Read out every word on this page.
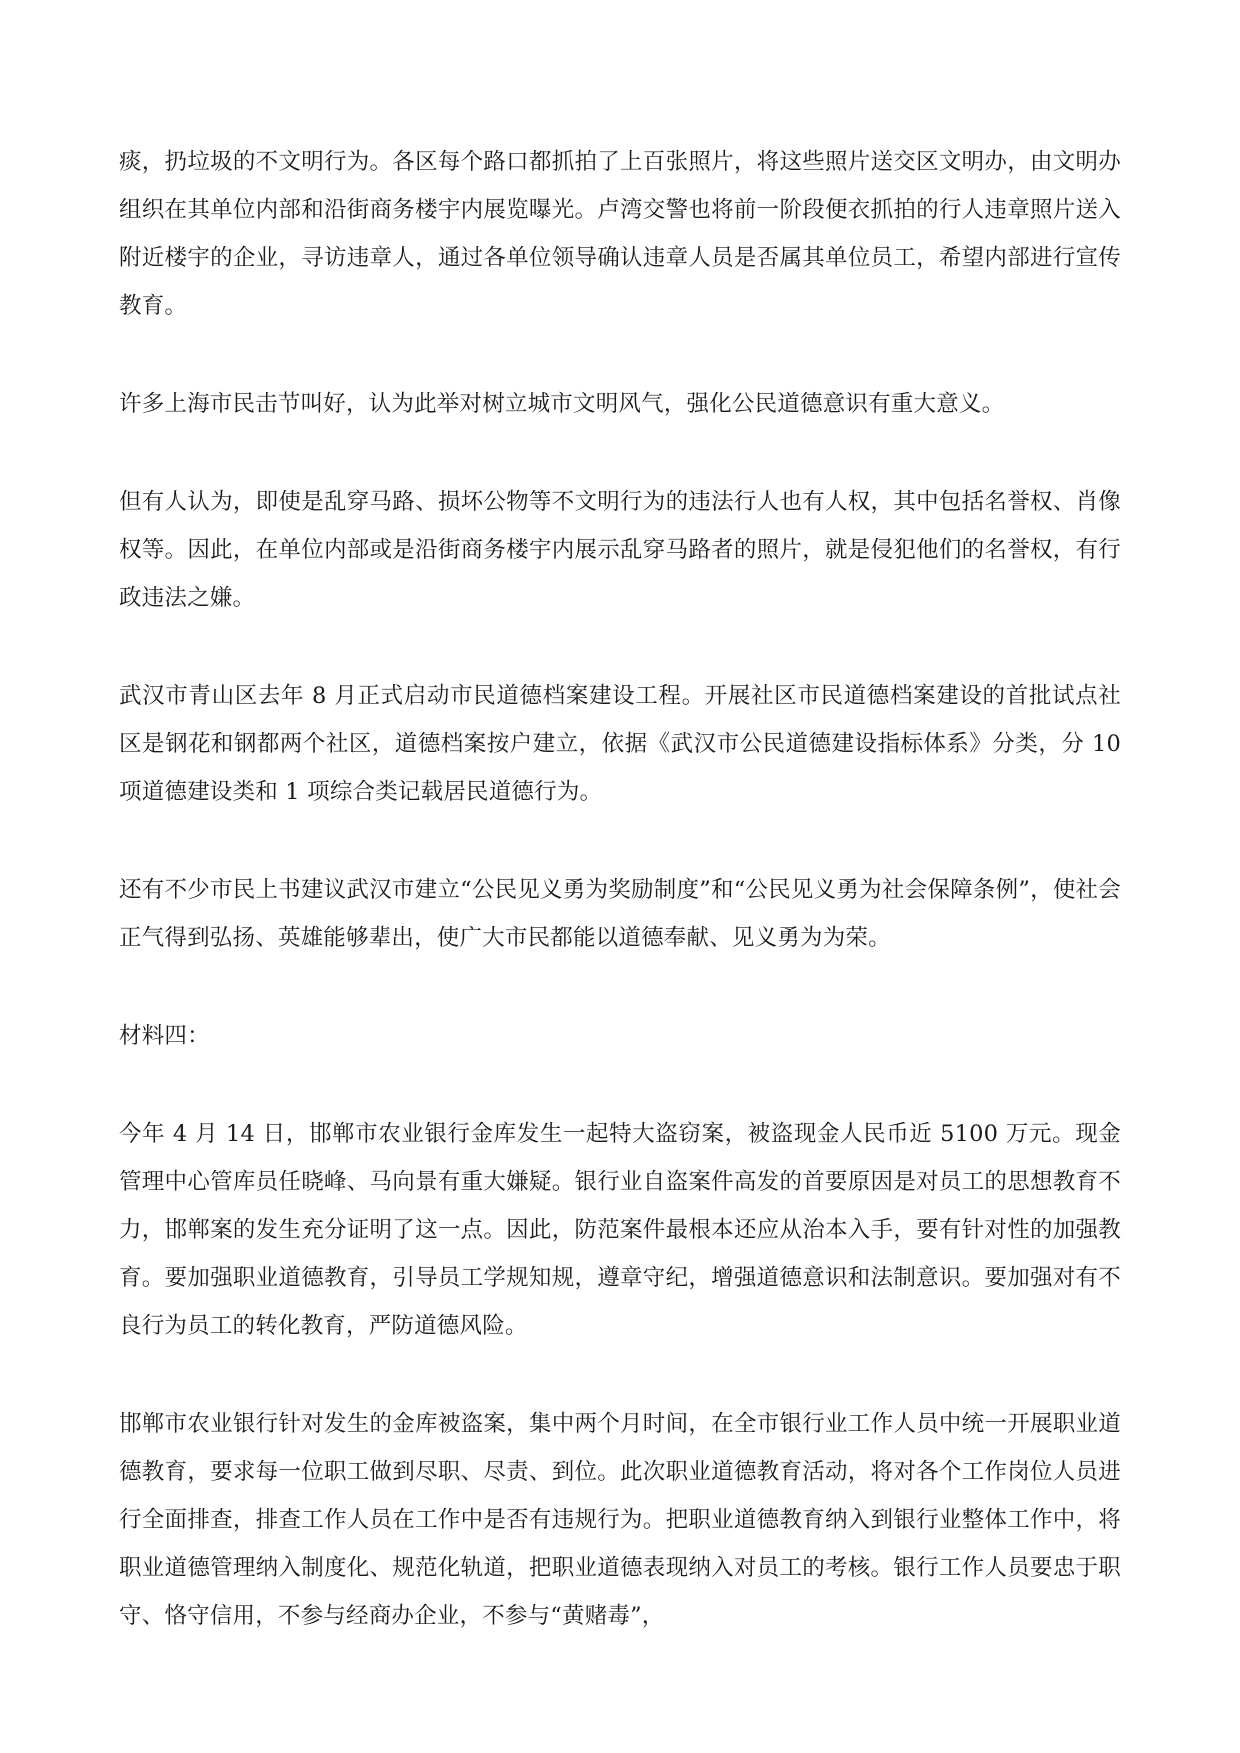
痰，扔垃圾的不文明行为。各区每个路口都抓拍了上百张照片，将这些照片送交区文明办，由文明办组织在其单位内部和沿街商务楼宇内展览曝光。卢湾交警也将前一阶段便衣抓拍的行人违章照片送入附近楼宇的企业，寻访违章人，通过各单位领导确认违章人员是否属其单位员工，希望内部进行宣传教育。

许多上海市民击节叫好，认为此举对树立城市文明风气，强化公民道德意识有重大意义。

但有人认为，即使是乱穿马路、损坏公物等不文明行为的违法行人也有人权，其中包括名誉权、肖像权等。因此，在单位内部或是沿街商务楼宇内展示乱穿马路者的照片，就是侵犯他们的名誉权，有行政违法之嫌。

武汉市青山区去年 8 月正式启动市民道德档案建设工程。开展社区市民道德档案建设的首批试点社区是钢花和钢都两个社区，道德档案按户建立，依据《武汉市公民道德建设指标体系》分类，分 10 项道德建设类和 1 项综合类记载居民道德行为。

还有不少市民上书建议武汉市建立“公民见义勇为奖励制度”和“公民见义勇为社会保障条例”，使社会正气得到弘扬、英雄能够辈出，使广大市民都能以道德奉献、见义勇为为荣。

材料四：

今年 4 月 14 日，邯郸市农业银行金库发生一起特大盗窃案，被盗现金人民币近 5100 万元。现金管理中心管库员任晓峰、马向景有重大嫌疑。银行业自盗案件高发的首要原因是对员工的思想教育不力，邯郸案的发生充分证明了这一点。因此，防范案件最根本还应从治本入手，要有针对性的加强教育。要加强职业道德教育，引导员工学规知规，遵章守纪，增强道德意识和法制意识。要加强对有不良行为员工的转化教育，严防道德风险。

邯郸市农业银行针对发生的金库被盗案，集中两个月时间，在全市银行业工作人员中统一开展职业道德教育，要求每一位职工做到尽职、尽责、到位。此次职业道德教育活动，将对各个工作岗位人员进行全面排查，排查工作人员在工作中是否有违规行为。把职业道德教育纳入到银行业整体工作中，将职业道德管理纳入制度化、规范化轨道，把职业道德表现纳入对员工的考核。银行工作人员要忠于职守、恪守信用，不参与经商办企业，不参与“黄赌毒”，
